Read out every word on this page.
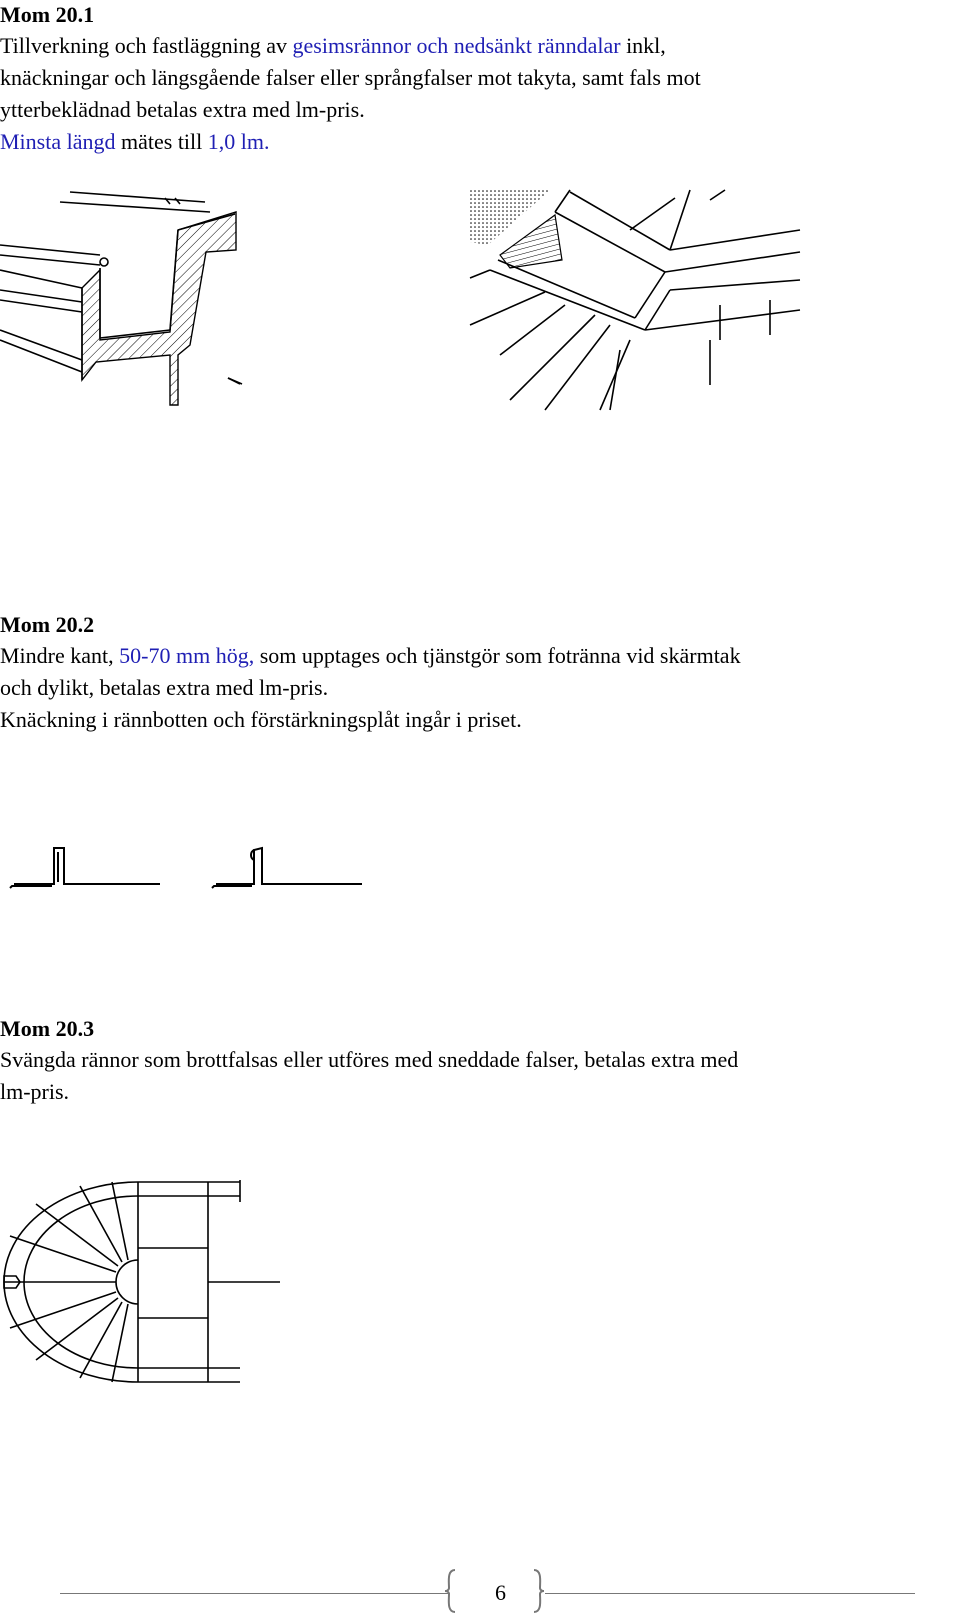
Mom 20.1

Tillverkning och fastläggning av gesimsrännor och nedsänkt ränndalar inkl,

knäckningar och längsgående falser eller språngfalser mot takyta, samt fals mot

ytterbeklädnad betalas extra med lm-pris.

Minsta längd mätes till 1,0 lm.

Mom 20.2

Mindre kant, 50-70 mm hög, som upptages och tjänstgör som fotränna vid skärmtak

och dylikt, betalas extra med lm-pris.

Knäckning i rännbotten och förstärkningsplåt ingår i priset.

Mom 20.3

Svängda rännor som brottfalsas eller utföres med sneddade falser, betalas extra med

lm-pris.

6
